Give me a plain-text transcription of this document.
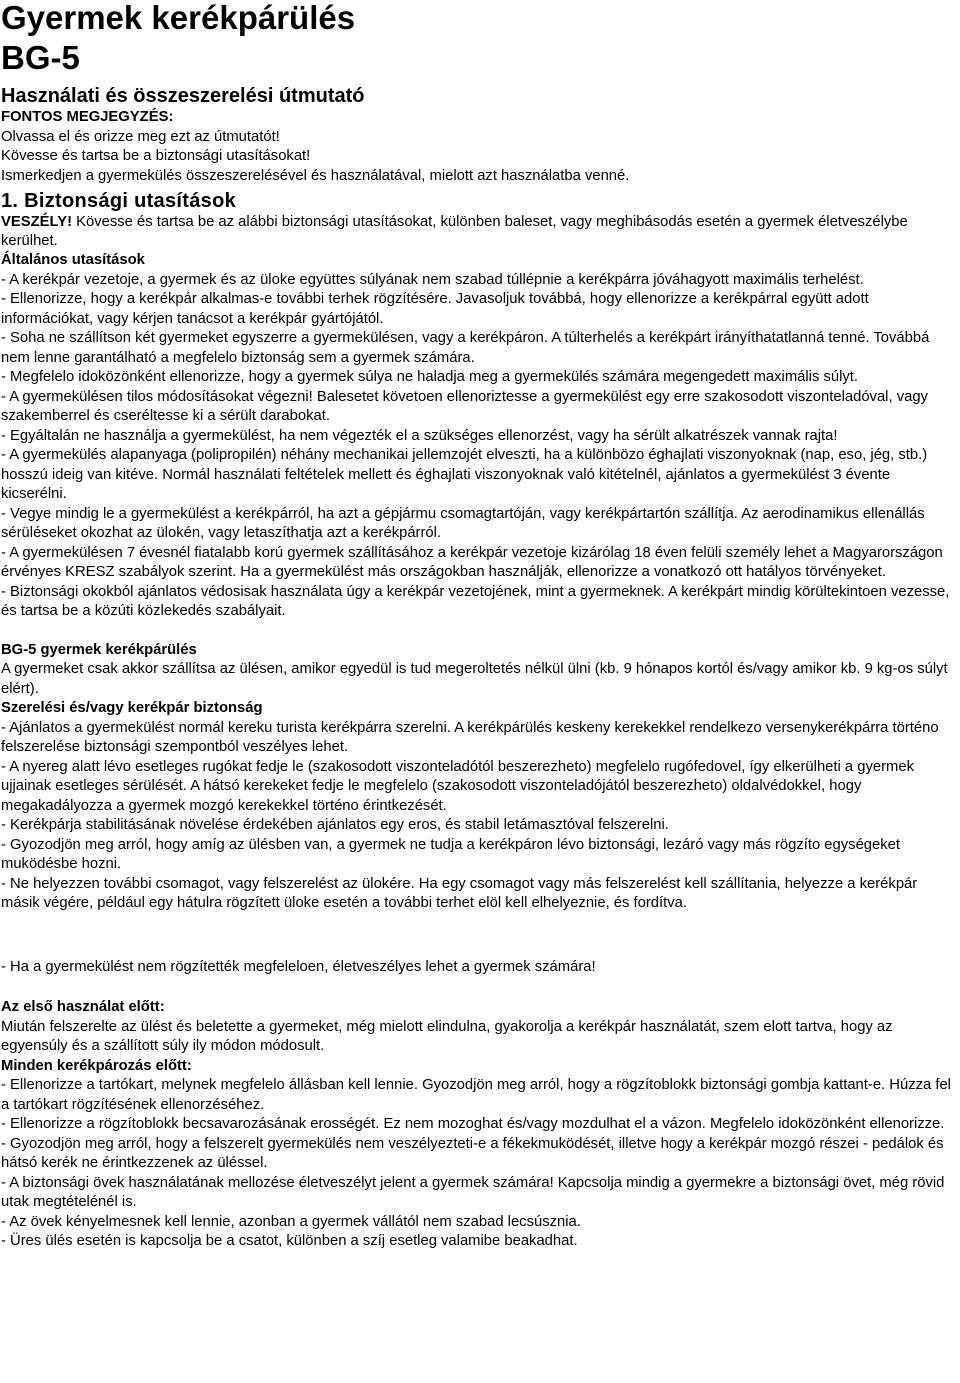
Gyermek kerékpárülés
BG-5
Használati és összeszerelési útmutató
FONTOS MEGJEGYZÉS:
Olvassa el és orizze meg ezt az útmutatót!
Kövesse és tartsa be a biztonsági utasításokat!
Ismerkedjen a gyermekülés összeszerelésével és használatával, mielott azt használatba venné.
1. Biztonsági utasítások
VESZÉLY! Kövesse és tartsa be az alábbi biztonsági utasításokat, különben baleset, vagy meghibásodás esetén a gyermek életveszélybe kerülhet.
Általános utasítások
- A kerékpár vezetoje, a gyermek és az üloke együttes súlyának nem szabad túllépnie a kerékpárra jóváhagyott maximális terhelést.
- Ellenorizze, hogy a kerékpár alkalmas-e további terhek rögzítésére. Javasoljuk továbbá, hogy ellenorizze a kerékpárral együtt adott információkat, vagy kérjen tanácsot a kerékpár gyártójától.
- Soha ne szállítson két gyermeket egyszerre a gyermekülésen, vagy a kerékpáron. A túlterhelés a kerékpárt irányíthatatlanná tenné. Továbbá nem lenne garantálható a megfelelo biztonság sem a gyermek számára.
- Megfelelo idoközönként ellenorizze, hogy a gyermek súlya ne haladja meg a gyermekülés számára megengedett maximális súlyt.
- A gyermekülésen tilos módosításokat végezni! Balesetet követoen ellenoriztesse a gyermekülést egy erre szakosodott viszonteladóval, vagy szakemberrel és cseréltesse ki a sérült darabokat.
- Egyáltalán ne használja a gyermekülést, ha nem végezték el a szükséges ellenorzést, vagy ha sérült alkatrészek vannak rajta!
- A gyermekülés alapanyaga (polipropilén) néhány mechanikai jellemzojét elveszti, ha a különbözo éghajlati viszonyoknak (nap, eso, jég, stb.) hosszú ideig van kitéve. Normál használati feltételek mellett és éghajlati viszonyoknak való kitételnél, ajánlatos a gyermekülést 3 évente kicserélni.
- Vegye mindig le a gyermekülést a kerékpárról, ha azt a gépjármu csomagtartóján, vagy kerékpártartón szállítja. Az aerodinamikus ellenállás sérüléseket okozhat az ülokén, vagy letaszíthatja azt a kerékpárról.
- A gyermekülésen 7 évesnél fiatalabb korú gyermek szállításához a kerékpár vezetoje kizárólag 18 éven felüli személy lehet a Magyarországon érvényes KRESZ szabályok szerint. Ha a gyermekülést más országokban használják, ellenorizze a vonatkozó ott hatályos törvényeket.
- Biztonsági okokból ajánlatos védosisak használata úgy a kerékpár vezetojének, mint a gyermeknek. A kerékpárt mindig körültekintoen vezesse, és tartsa be a közúti közlekedés szabályait.
BG-5 gyermek kerékpárülés
A gyermeket csak akkor szállítsa az ülésen, amikor egyedül is tud megeroltetés nélkül ülni (kb. 9 hónapos kortól és/vagy amikor kb. 9 kg-os súlyt elért).
Szerelési és/vagy kerékpár biztonság
- Ajánlatos a gyermekülést normál kereku turista kerékpárra szerelni. A kerékpárülés keskeny kerekekkel rendelkezo versenykerékpárra történo felszerelése biztonsági szempontból veszélyes lehet.
- A nyereg alatt lévo esetleges rugókat fedje le (szakosodott viszonteladótól beszerezheto) megfelelo rugófedovel, így elkerülheti a gyermek ujjainak esetleges sérülését. A hátsó kerekeket fedje le megfelelo (szakosodott viszonteladójától beszerezheto) oldalvédokkel, hogy megakadályozza a gyermek mozgó kerekekkel történo érintkezését.
- Kerékpárja stabilitásának növelése érdekében ajánlatos egy eros, és stabil letámasztóval felszerelni.
- Gyozodjön meg arról, hogy amíg az ülésben van, a gyermek ne tudja a kerékpáron lévo biztonsági, lezáró vagy más rögzíto egységeket muködésbe hozni.
- Ne helyezzen további csomagot, vagy felszerelést az ülokére. Ha egy csomagot vagy más felszerelést kell szállítania, helyezze a kerékpár másik végére, például egy hátulra rögzített üloke esetén a további terhet elöl kell elhelyeznie, és fordítva.
- Ha a gyermekülést nem rögzítették megfeleloen, életveszélyes lehet a gyermek számára!
Az első használat előtt:
Miután felszerelte az ülést és beletette a gyermeket, még mielott elindulna, gyakorolja a kerékpár használatát, szem elott tartva, hogy az egyensúly és a szállított súly ily módon módosult.
Minden kerékpározás előtt:
- Ellenorizze a tartókart, melynek megfelelo állásban kell lennie. Gyozodjön meg arról, hogy a rögzítoblokk biztonsági gombja kattant-e. Húzza fel a tartókart rögzítésének ellenorzéséhez.
- Ellenorizze a rögzítoblokk becsavarozásának erosségét. Ez nem mozoghat és/vagy mozdulhat el a vázon. Megfelelo idoközönként ellenorizze.
- Gyozodjön meg arról, hogy a felszerelt gyermekülés nem veszélyezteti-e a fékekmuködését, illetve hogy a kerékpár mozgó részei - pedálok és hátsó kerék ne érintkezzenek az üléssel.
- A biztonsági övek használatának mellozése életveszélyt jelent a gyermek számára! Kapcsolja mindig a gyermekre a biztonsági övet, még rövid utak megtételénél is.
- Az övek kényelmesnek kell lennie, azonban a gyermek vállától nem szabad lecsúsznia.
- Üres ülés esetén is kapcsolja be a csatot, különben a szíj esetleg valamibe beakadhat.
